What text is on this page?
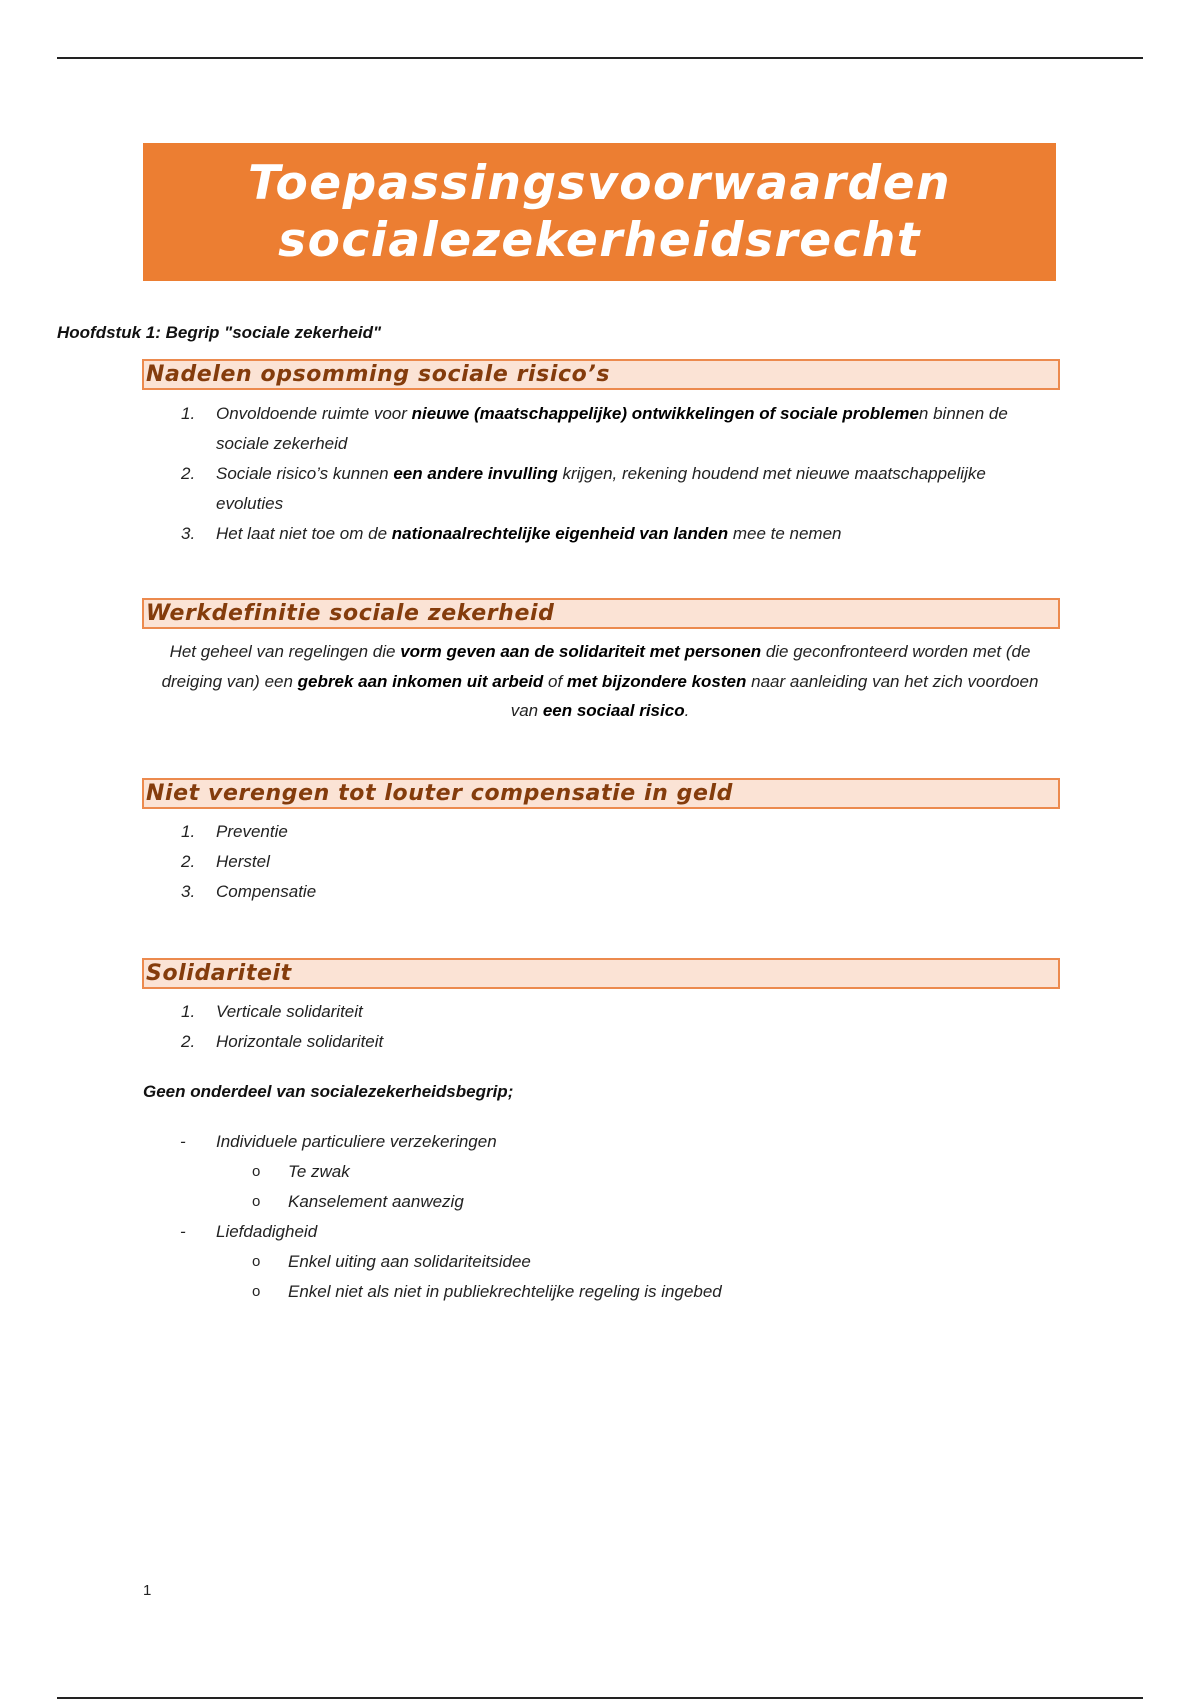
Toepassingsvoorwaarden
socialezekerheidsrecht
Hoofdstuk 1: Begrip "sociale zekerheid"
Nadelen opsomming sociale risico’s
1.	Onvoldoende ruimte voor nieuwe (maatschappelijke) ontwikkelingen of sociale problemen binnen de sociale zekerheid
2.	Sociale risico’s kunnen een andere invulling krijgen, rekening houdend met nieuwe maatschappelijke evoluties
3.	Het laat niet toe om de nationaalrechtelijke eigenheid van landen mee te nemen
Werkdefinitie sociale zekerheid
Het geheel van regelingen die vorm geven aan de solidariteit met personen die geconfronteerd worden met (de dreiging van) een gebrek aan inkomen uit arbeid of met bijzondere kosten naar aanleiding van het zich voordoen van een sociaal risico.
Niet verengen tot louter compensatie in geld
1.	Preventie
2.	Herstel
3.	Compensatie
Solidariteit
1.	Verticale solidariteit
2.	Horizontale solidariteit
Geen onderdeel van socialezekerheidsbegrip;
- Individuele particuliere verzekeringen
o Te zwak
o Kanselement aanwezig
- Liefdadigheid
o Enkel uiting aan solidariteitsidee
o Enkel niet als niet in publiekrechtelijke regeling is ingebed
1
